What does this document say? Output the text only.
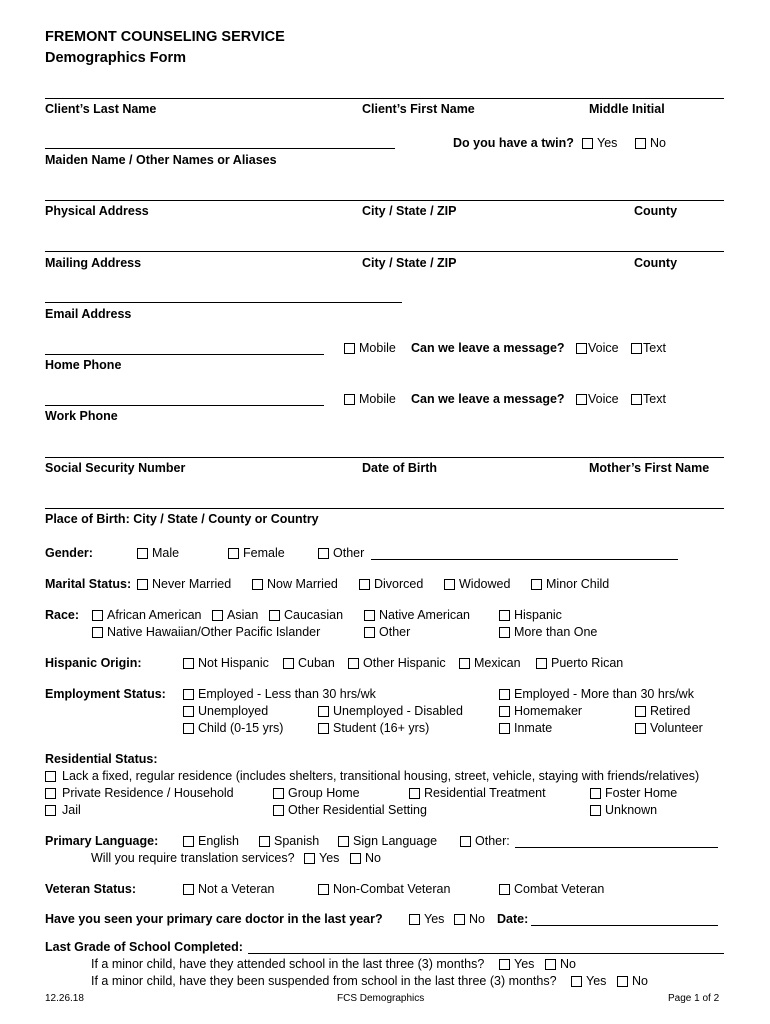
FREMONT COUNSELING SERVICE
Demographics Form
Client’s Last Name	Client’s First Name	Middle Initial
Do you have a twin?	Yes	No
Maiden Name / Other Names or Aliases
Physical Address	City / State / ZIP	County
Mailing Address	City / State / ZIP	County
Email Address
Mobile Can we leave a message?	Voice	Text
Home Phone
Mobile Can we leave a message?	Voice	Text
Work Phone
Social Security Number	Date of Birth	Mother’s First Name
Place of Birth: City / State / County or Country
Gender:	Male	Female	Other
Marital Status:	Never Married	Now Married	Divorced	Widowed	Minor Child
Race:	African American	Asian	Caucasian	Native American	Hispanic
Native Hawaiian/Other Pacific Islander	Other	More than One
Hispanic Origin:	Not Hispanic	Cuban	Other Hispanic	Mexican	Puerto Rican
Employment Status:	Employed - Less than 30 hrs/wk	Employed - More than 30 hrs/wk
Unemployed	Unemployed - Disabled	Homemaker	Retired
Child (0-15 yrs)	Student (16+ yrs)	Inmate	Volunteer
Residential Status:
Lack a fixed, regular residence (includes shelters, transitional housing, street, vehicle, staying with friends/relatives)
Private Residence / Household	Group Home	Residential Treatment	Foster Home
Jail	Other Residential Setting	Unknown
Primary Language:	English	Spanish	Sign Language	Other:
Will you require translation services?	Yes	No
Veteran Status:	Not a Veteran	Non-Combat Veteran	Combat Veteran
Have you seen your primary care doctor in the last year?	Yes	No Date:
Last Grade of School Completed:
If a minor child, have they attended school in the last three (3) months?	Yes	No
If a minor child, have they been suspended from school in the last three (3) months?	Yes	No
12.26.18	FCS Demographics	Page 1 of 2
